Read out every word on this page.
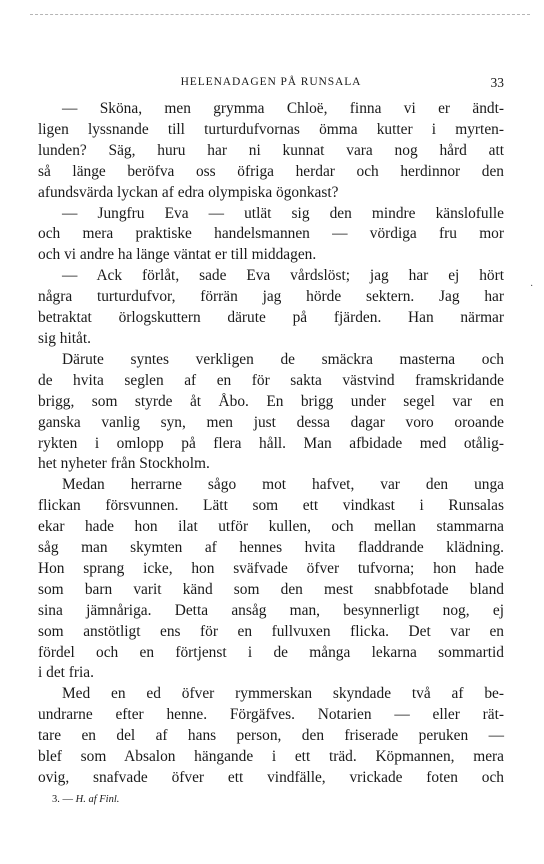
HELENADAGEN PÅ RUNSALA	33
— Sköna, men grymma Chloë, finna vi er ändt-
ligen lyssnande till turturdufvornas ömma kutter i myrten-
lunden? Säg, huru har ni kunnat vara nog hård att
så länge beröfva oss öfriga herdar och herdinnor den
afundsvärda lyckan af edra olympiska ögonkast?
— Jungfru Eva — utlät sig den mindre känslofulle
och mera praktiske handelsmannen — vördiga fru mor
och vi andre ha länge väntat er till middagen.
— Ack förlåt, sade Eva vårdslöst; jag har ej hört
några turturdufvor, förrän jag hörde sektern. Jag har
betraktat örlogskuttern därute på fjärden. Han närmar
sig hitåt.
Därute syntes verkligen de smäckra masterna och
de hvita seglen af en för sakta västvind framskridande
brigg, som styrde åt Åbo. En brigg under segel var en
ganska vanlig syn, men just dessa dagar voro oroande
rykten i omlopp på flera håll. Man afbidade med otålig-
het nyheter från Stockholm.
Medan herrarne sågo mot hafvet, var den unga
flickan försvunnen. Lätt som ett vindkast i Runsalas
ekar hade hon ilat utför kullen, och mellan stammarna
såg man skymten af hennes hvita fladdrande klädning.
Hon sprang icke, hon sväfvade öfver tufvorna; hon hade
som barn varit känd som den mest snabbfotade bland
sina jämnåriga. Detta ansåg man, besynnerligt nog, ej
som anstötligt ens för en fullvuxen flicka. Det var en
fördel och en förtjenst i de många lekarna sommartid
i det fria.
Med en ed öfver rymmerskan skyndade två af be-
undrarne efter henne. Förgäfves. Notarien — eller rät-
tare en del af hans person, den friserade peruken —
blef som Absalon hängande i ett träd. Köpmannen, mera
ovig, snafvade öfver ett vindfälle, vrickade foten och
·
3. — H. af Finl.
